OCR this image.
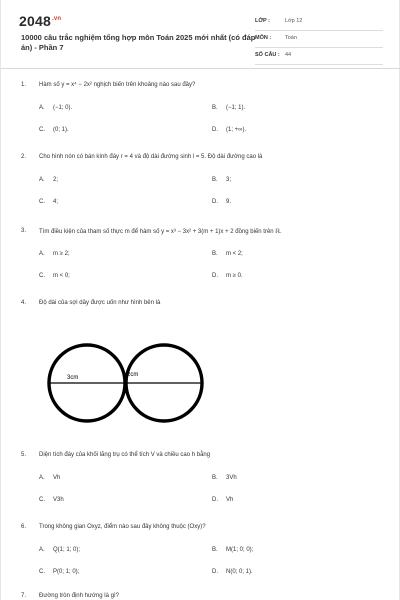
$2048^{.vn}$
10000 câu trắc nghiệm tổng hợp môn Toán 2025 mới nhất (có đáp án) - Phần 7
LỚP :	Lớp 12
MÔN :	Toán
SỐ CÂU : 44
1. Hàm số y = x⁴ − 2x² nghịch biến trên khoảng nào sau đây?
A. (−1; 0).	B. (−1; 1).
C. (0; 1).	D. (1; +∞).
2. Cho hình nón có bán kính đáy r = 4 và độ dài đường sinh l = 5. Độ dài đường cao là
A. 2;	B. 3;
C. 4;	D. 9.
3. Tìm điều kiện của tham số thực m để hàm số y = x³ − 3x² + 3(m + 1)x + 2 đồng biến trên ℝ.
A. m ≥ 2;	B. m < 2;
C. m < 0;	D. m ≥ 0.
4. Độ dài của sợi dây được uốn như hình bên là
3cm	2cm
5. Diện tích đáy của khối lăng trụ có thể tích V và chiều cao h bằng
A. Vh	B. 3Vh
C. V3h	D. Vh
6. Trong không gian Oxyz, điểm nào sau đây không thuộc (Oxy)?
A. Q(1; 1; 0);	B. M(1; 0; 0);
C. P(0; 1; 0);	D. N(0; 0; 1).
7. Đường tròn định hướng là gì?
